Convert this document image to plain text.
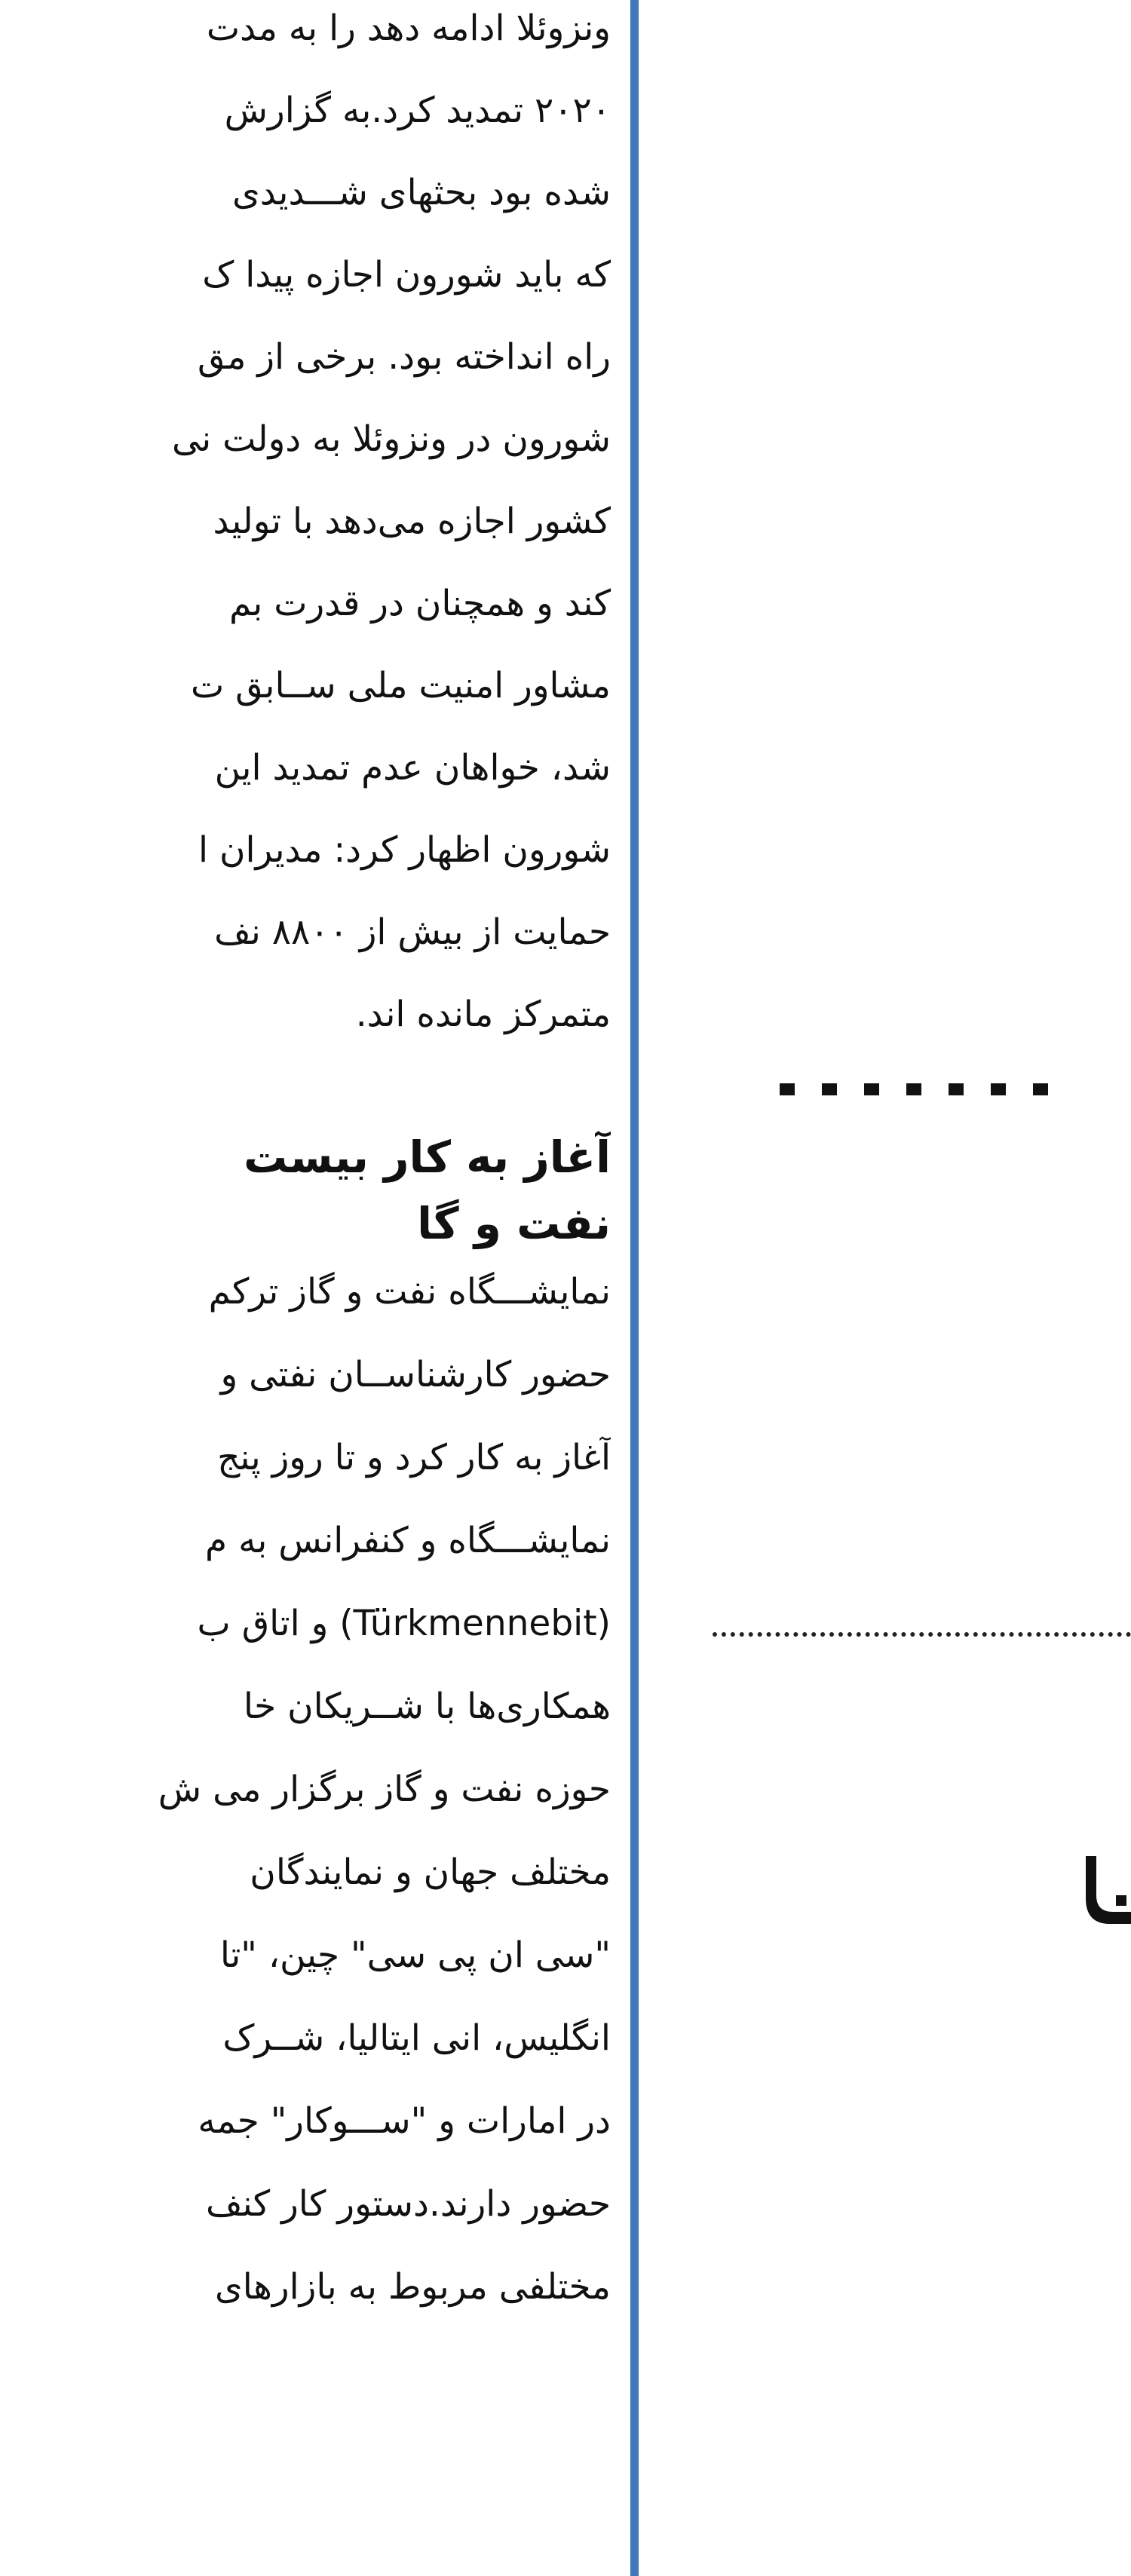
ونزوئلا ادامه دهد را به مدت
۲۰۲۰ تمدید کرد.به گزارش
شده بود بحثهای شـــدیدی
که باید شورون اجازه پیدا ک
راه انداخته بود. برخی از مق
شورون در ونزوئلا به دولت نی
کشور اجازه می‌دهد با تولید
کند و همچنان در قدرت بم
مشاور امنیت ملی ســابق ت
شد، خواهان عدم تمدید این
شورون اظهار کرد: مدیران ا
حمایت از بیش از ۸۸۰۰ نف
متمرکز مانده اند.
آغاز به کار بیست
نفت و گا
نمایشـــگاه نفت و گاز ترکم
حضور کارشناســان نفتی و
آغاز به کار کرد و تا روز پنج
نمایشـــگاه و کنفرانس به م
(Türkmennebit) و اتاق ب
همکاری‌ها با شــریکان خا
حوزه نفت و گاز برگزار می ش
مختلف جهان و نمایندگان
"سی ان پی سی" چین، "تا
انگلیس، انی ایتالیا، شــرک
در امارات و "ســـوکار" جمه
حضور دارند.دستور کار کنف
مختلفی مربوط به بازارهای
